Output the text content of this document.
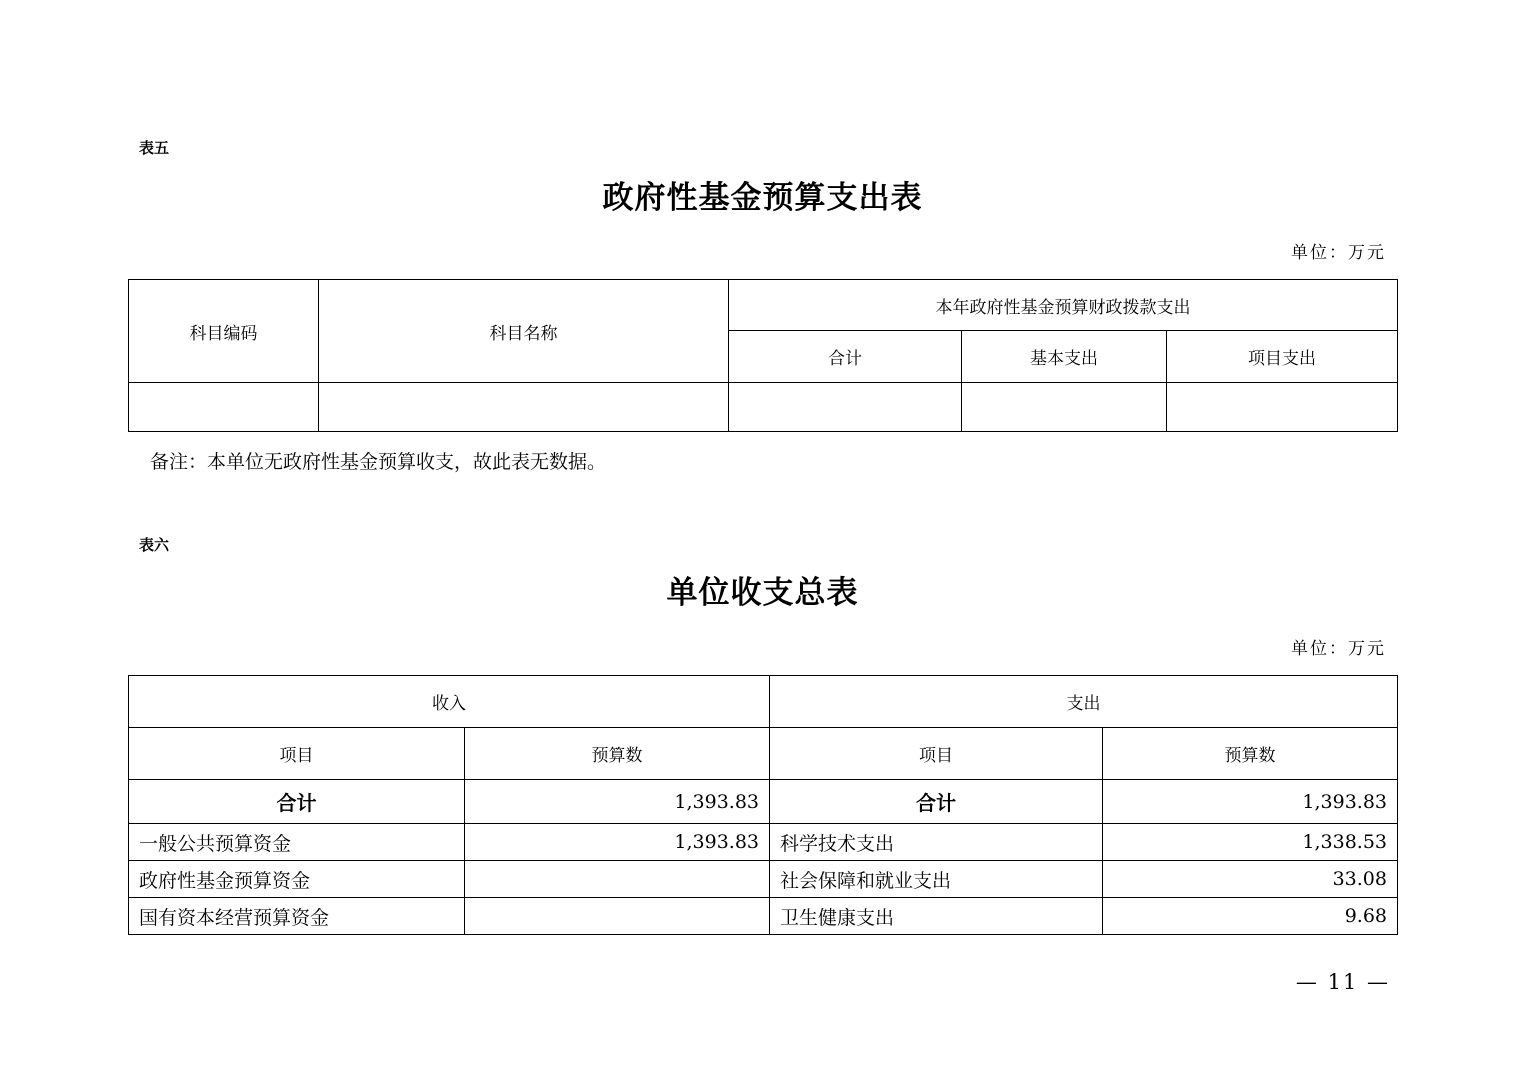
表五
政府性基金预算支出表
单位：万元
科目编码	科目名称	本年政府性基金预算财政拨款支出		
		合计	基本支出	项目支出

备注：本单位无政府性基金预算收支，故此表无数据。
表六
单位收支总表
单位：万元
收入		支出	
项目	预算数	项目	预算数
合计	1,393.83	合计	1,393.83
一般公共预算资金	1,393.83	科学技术支出	1,338.53
政府性基金预算资金		社会保障和就业支出	33.08
国有资本经营预算资金		卫生健康支出	9.68
— 11 —
